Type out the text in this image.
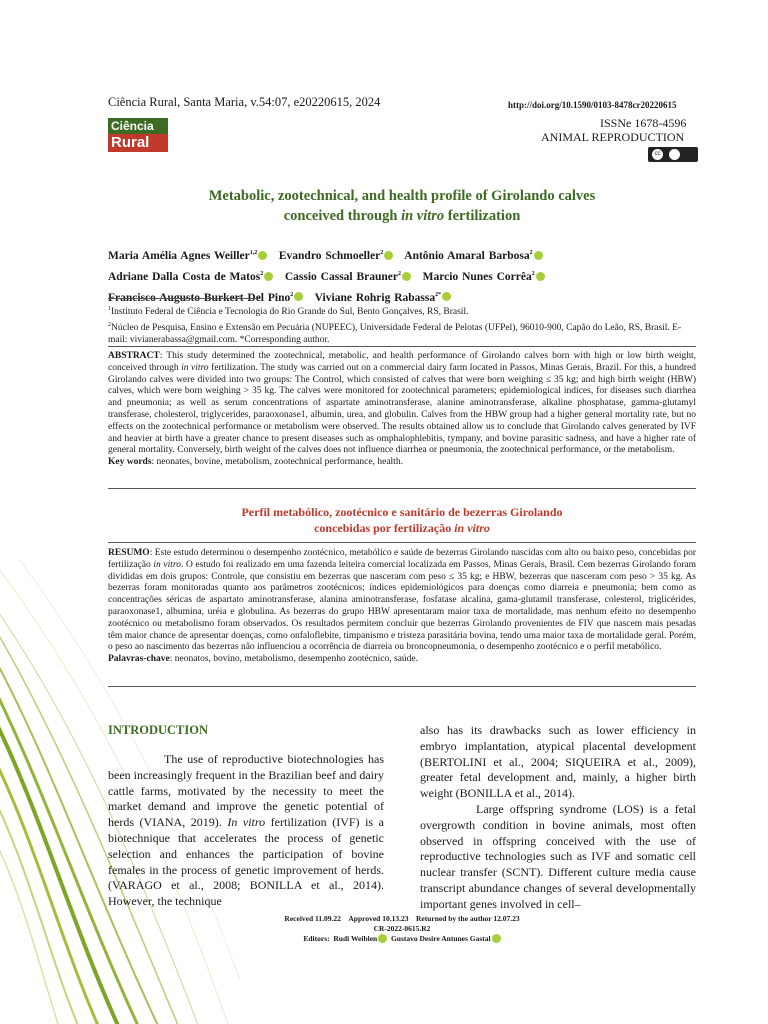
Ciência Rural, Santa Maria, v.54:07, e20220615, 2024	http://doi.org/10.1590/0103-8478cr20220615
Ciência
Rural
ISSNe 1678-4596
ANIMAL REPRODUCTION
cc
Metabolic, zootechnical, and health profile of Girolando calves
conceived through in vitro fertilization
Maria Amélia Agnes Weiller$^{1,2}$ Evandro Schmoeller$^2$ Antônio Amaral Barbosa$^2$
Adriane Dalla Costa de Matos$^2$ Cassio Cassal Brauner$^2$ Marcio Nunes Corrêa$^2$
Francisco Augusto Burkert Del Pino$^2$ Viviane Rohrig Rabassa$^{2*}$
$^1$Instituto Federal de Ciência e Tecnologia do Rio Grande do Sul, Bento Gonçalves, RS, Brasil.
$^2$Núcleo de Pesquisa, Ensino e Extensão em Pecuária (NUPEEC), Universidade Federal de Pelotas (UFPel), 96010-900, Capão do Leão, RS, Brasil. E-mail: vivianerabassa@gmail.com. *Corresponding author.
ABSTRACT: This study determined the zootechnical, metabolic, and health performance of Girolando calves born with high or low birth weight, conceived through in vitro fertilization. The study was carried out on a commercial dairy farm located in Passos, Minas Gerais, Brazil. For this, a hundred Girolando calves were divided into two groups: The Control, which consisted of calves that were born weighing ≤ 35 kg; and high birth weight (HBW) calves, which were born weighing > 35 kg. The calves were monitored for zootechnical parameters; epidemiological indices, for diseases such diarrhea and pneumonia; as well as serum concentrations of aspartate aminotransferase, alanine aminotransferase, alkaline phosphatase, gamma-glutamyl transferase, cholesterol, triglycerides, paraoxonase1, albumin, urea, and globulin. Calves from the HBW group had a higher general mortality rate, but no effects on the zootechnical performance or metabolism were observed. The results obtained allow us to conclude that Girolando calves generated by IVF and heavier at birth have a greater chance to present diseases such as omphalophlebitis, tympany, and bovine parasitic sadness, and have a higher rate of general mortality. Conversely, birth weight of the calves does not influence diarrhea or pneumonia, the zootechnical performance, or the metabolism.
Key words: neonates, bovine, metabolism, zootechnical performance, health.
Perfil metabólico, zootécnico e sanitário de bezerras Girolando
concebidas por fertilização in vitro
RESUMO: Este estudo determinou o desempenho zootécnico, metabólico e saúde de bezerras Girolando nascidas com alto ou baixo peso, concebidas por fertilização in vitro. O estudo foi realizado em uma fazenda leiteira comercial localizada em Passos, Minas Gerais, Brasil. Cem bezerras Girolando foram divididas em dois grupos: Controle, que consistiu em bezerras que nasceram com peso ≤ 35 kg; e HBW, bezerras que nasceram com peso > 35 kg. As bezerras foram monitoradas quanto aos parâmetros zootécnicos; índices epidemiológicos para doenças como diarreia e pneumonia; bem como as concentrações séricas de aspartato aminotransferase, alanina aminotransferase, fosfatase alcalina, gama-glutamil transferase, colesterol, triglicérides, paraoxonase1, albumina, uréia e globulina. As bezerras do grupo HBW apresentaram maior taxa de mortalidade, mas nenhum efeito no desempenho zootécnico ou metabolismo foram observados. Os resultados permitem concluir que bezerras Girolando provenientes de FIV que nascem mais pesadas têm maior chance de apresentar doenças, como onfaloflebite, timpanismo e tristeza parasitária bovina, tendo uma maior taxa de mortalidade geral. Porém, o peso ao nascimento das bezerras não influenciou a ocorrência de diarreia ou broncopneumonia, o desempenho zootécnico e o perfil metabólico.
Palavras-chave: neonatos, bovino, metabolismo, desempenho zootécnico, saúde.
INTRODUCTION
The use of reproductive biotechnologies has been increasingly frequent in the Brazilian beef and dairy cattle farms, motivated by the necessity to meet the market demand and improve the genetic potential of herds (VIANA, 2019). In vitro fertilization (IVF) is a biotechnique that accelerates the process of genetic selection and enhances the participation of bovine females in the process of genetic improvement of herds. (VARAGO et al., 2008; BONILLA et al., 2014). However, the technique
also has its drawbacks such as lower efficiency in embryo implantation, atypical placental development (BERTOLINI et al., 2004; SIQUEIRA et al., 2009), greater fetal development and, mainly, a higher birth weight (BONILLA et al., 2014).
Large offspring syndrome (LOS) is a fetal overgrowth condition in bovine animals, most often observed in offspring conceived with the use of reproductive technologies such as IVF and somatic cell nuclear transfer (SCNT). Different culture media cause transcript abundance changes of several developmentally important genes involved in cell–
Received 11.09.22 Approved 10.13.23 Returned by the author 12.07.23
CR-2022-0615.R2
Editors: Rudi Weiblen Gustavo Desire Antunes Gastal
